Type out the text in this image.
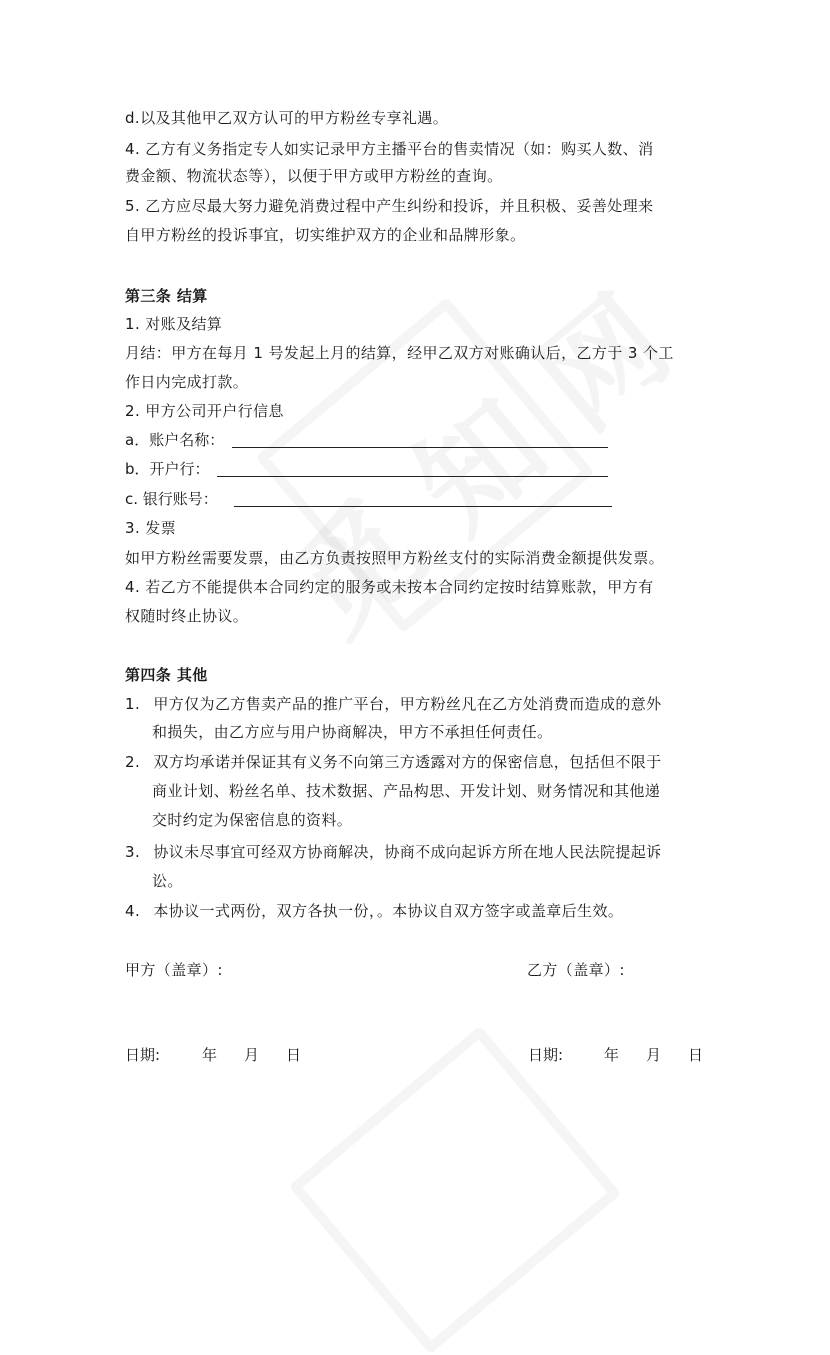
d.以及其他甲乙双方认可的甲方粉丝专享礼遇。
4. 乙方有义务指定专人如实记录甲方主播平台的售卖情况（如：购买人数、消
费金额、物流状态等），以便于甲方或甲方粉丝的查询。
5. 乙方应尽最大努力避免消费过程中产生纠纷和投诉，并且积极、妥善处理来
自甲方粉丝的投诉事宜，切实维护双方的企业和品牌形象。
第三条 结算
1. 对账及结算
月结：甲方在每月 1 号发起上月的结算，经甲乙双方对账确认后，乙方于 3 个工
作日内完成打款。
2. 甲方公司开户行信息
a．账户名称：
b．开户行：
c. 银行账号：
3. 发票
如甲方粉丝需要发票，由乙方负责按照甲方粉丝支付的实际消费金额提供发票。
4. 若乙方不能提供本合同约定的服务或未按本合同约定按时结算账款，甲方有
权随时终止协议。
第四条 其他
1. 甲方仅为乙方售卖产品的推广平台，甲方粉丝凡在乙方处消费而造成的意外
和损失，由乙方应与用户协商解决，甲方不承担任何责任。
2. 双方均承诺并保证其有义务不向第三方透露对方的保密信息，包括但不限于
商业计划、粉丝名单、技术数据、产品构思、开发计划、财务情况和其他递
交时约定为保密信息的资料。
3. 协议未尽事宜可经双方协商解决，协商不成向起诉方所在地人民法院提起诉
讼。
4. 本协议一式两份，双方各执一份，。本协议自双方签字或盖章后生效。
甲方（盖章）:	乙方（盖章）:
日期:	年 月 日	日期:	年 月 日
